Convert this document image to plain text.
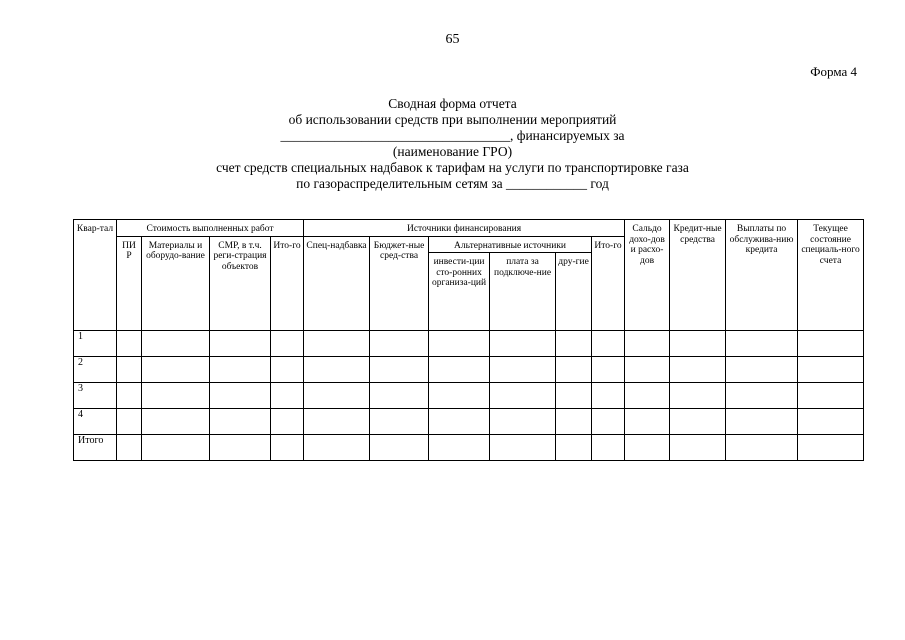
65
Форма 4
Сводная форма отчета
об использовании средств при выполнении мероприятий
__________________________________, финансируемых за
(наименование ГРО)
счет средств специальных надбавок к тарифам на услуги по транспортировке газа
по газораспределительным сетям за ____________ год
Квар-тал	Стоимость выполненных работ				Источники финансирования						Сальдо дохо-дов и расхо-дов	Кредит-ные средства	Выплаты по обслужива-нию кредита	Текущее состояние специаль-ного счета
	ПИ Р	Материалы и оборудо-вание	СМР, в т.ч. реги-страция объектов	Ито-го	Спец-надбавка	Бюджет-ные сред-ства	Альтернативные источники			Ито-го				
							инвести-ции сто-ронних организа-ций	плата за подключе-ние	дру-гие					
1														
2														
3														
4														
Итого														
